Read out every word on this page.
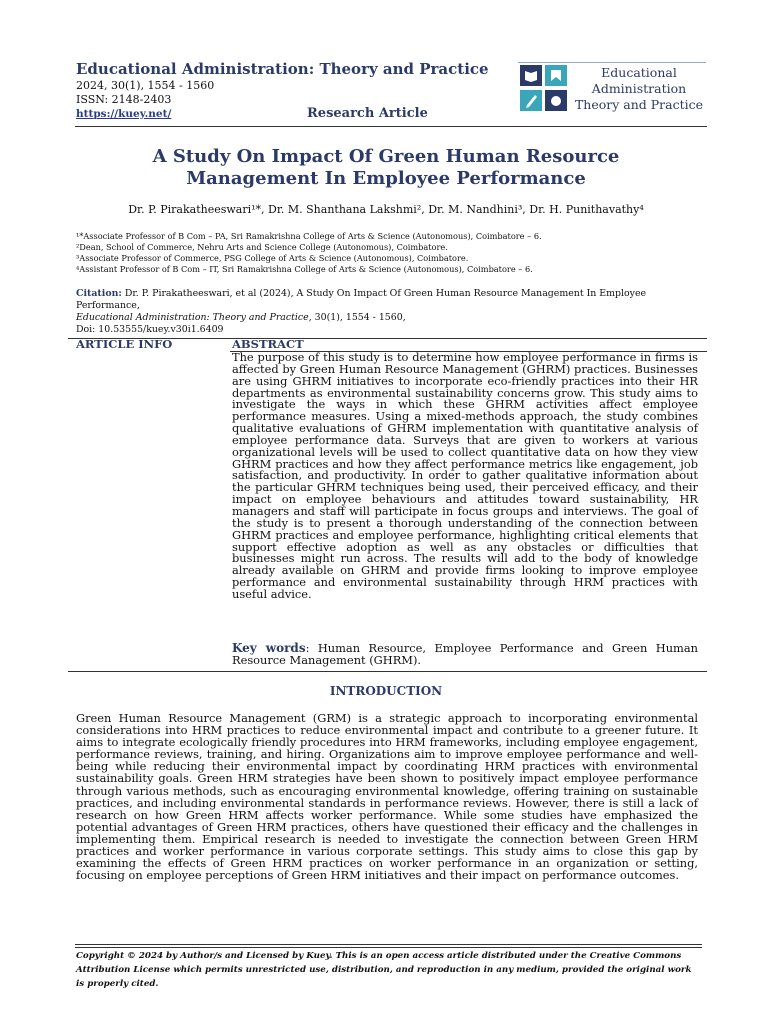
Educational Administration: Theory and Practice
2024, 30(1), 1554 - 1560
ISSN: 2148-2403
https://kuey.net/	Research Article
Educational
Administration
Theory and Practice
A Study On Impact Of Green Human Resource
Management In Employee Performance
Dr. P. Pirakatheeswari¹*, Dr. M. Shanthana Lakshmi², Dr. M. Nandhini³, Dr. H. Punithavathy⁴
¹*Associate Professor of B Com – PA, Sri Ramakrishna College of Arts & Science (Autonomous), Coimbatore – 6.
²Dean, School of Commerce, Nehru Arts and Science College (Autonomous), Coimbatore.
³Associate Professor of Commerce, PSG College of Arts & Science (Autonomous), Coimbatore.
⁴Assistant Professor of B Com – IT, Sri Ramakrishna College of Arts & Science (Autonomous), Coimbatore – 6.
Citation: Dr. P. Pirakatheeswari, et al (2024), A Study On Impact Of Green Human Resource Management In Employee Performance,
Educational Administration: Theory and Practice, 30(1), 1554 - 1560,
Doi: 10.53555/kuey.v30i1.6409
ARTICLE INFO	ABSTRACT
The purpose of this study is to determine how employee performance in firms is affected by Green Human Resource Management (GHRM) practices. Businesses are using GHRM initiatives to incorporate eco-friendly practices into their HR departments as environmental sustainability concerns grow. This study aims to investigate the ways in which these GHRM activities affect employee performance measures. Using a mixed-methods approach, the study combines qualitative evaluations of GHRM implementation with quantitative analysis of employee performance data. Surveys that are given to workers at various organizational levels will be used to collect quantitative data on how they view GHRM practices and how they affect performance metrics like engagement, job satisfaction, and productivity. In order to gather qualitative information about the particular GHRM techniques being used, their perceived efficacy, and their impact on employee behaviours and attitudes toward sustainability, HR managers and staff will participate in focus groups and interviews. The goal of the study is to present a thorough understanding of the connection between GHRM practices and employee performance, highlighting critical elements that support effective adoption as well as any obstacles or difficulties that businesses might run across. The results will add to the body of knowledge already available on GHRM and provide firms looking to improve employee performance and environmental sustainability through HRM practices with useful advice.
Key words: Human Resource, Employee Performance and Green Human Resource Management (GHRM).
INTRODUCTION
Green Human Resource Management (GRM) is a strategic approach to incorporating environmental considerations into HRM practices to reduce environmental impact and contribute to a greener future. It aims to integrate ecologically friendly procedures into HRM frameworks, including employee engagement, performance reviews, training, and hiring. Organizations aim to improve employee performance and well-being while reducing their environmental impact by coordinating HRM practices with environmental sustainability goals. Green HRM strategies have been shown to positively impact employee performance through various methods, such as encouraging environmental knowledge, offering training on sustainable practices, and including environmental standards in performance reviews. However, there is still a lack of research on how Green HRM affects worker performance. While some studies have emphasized the potential advantages of Green HRM practices, others have questioned their efficacy and the challenges in implementing them. Empirical research is needed to investigate the connection between Green HRM practices and worker performance in various corporate settings. This study aims to close this gap by examining the effects of Green HRM practices on worker performance in an organization or setting, focusing on employee perceptions of Green HRM initiatives and their impact on performance outcomes.
Copyright © 2024 by Author/s and Licensed by Kuey. This is an open access article distributed under the Creative Commons Attribution License which permits unrestricted use, distribution, and reproduction in any medium, provided the original work is properly cited.
